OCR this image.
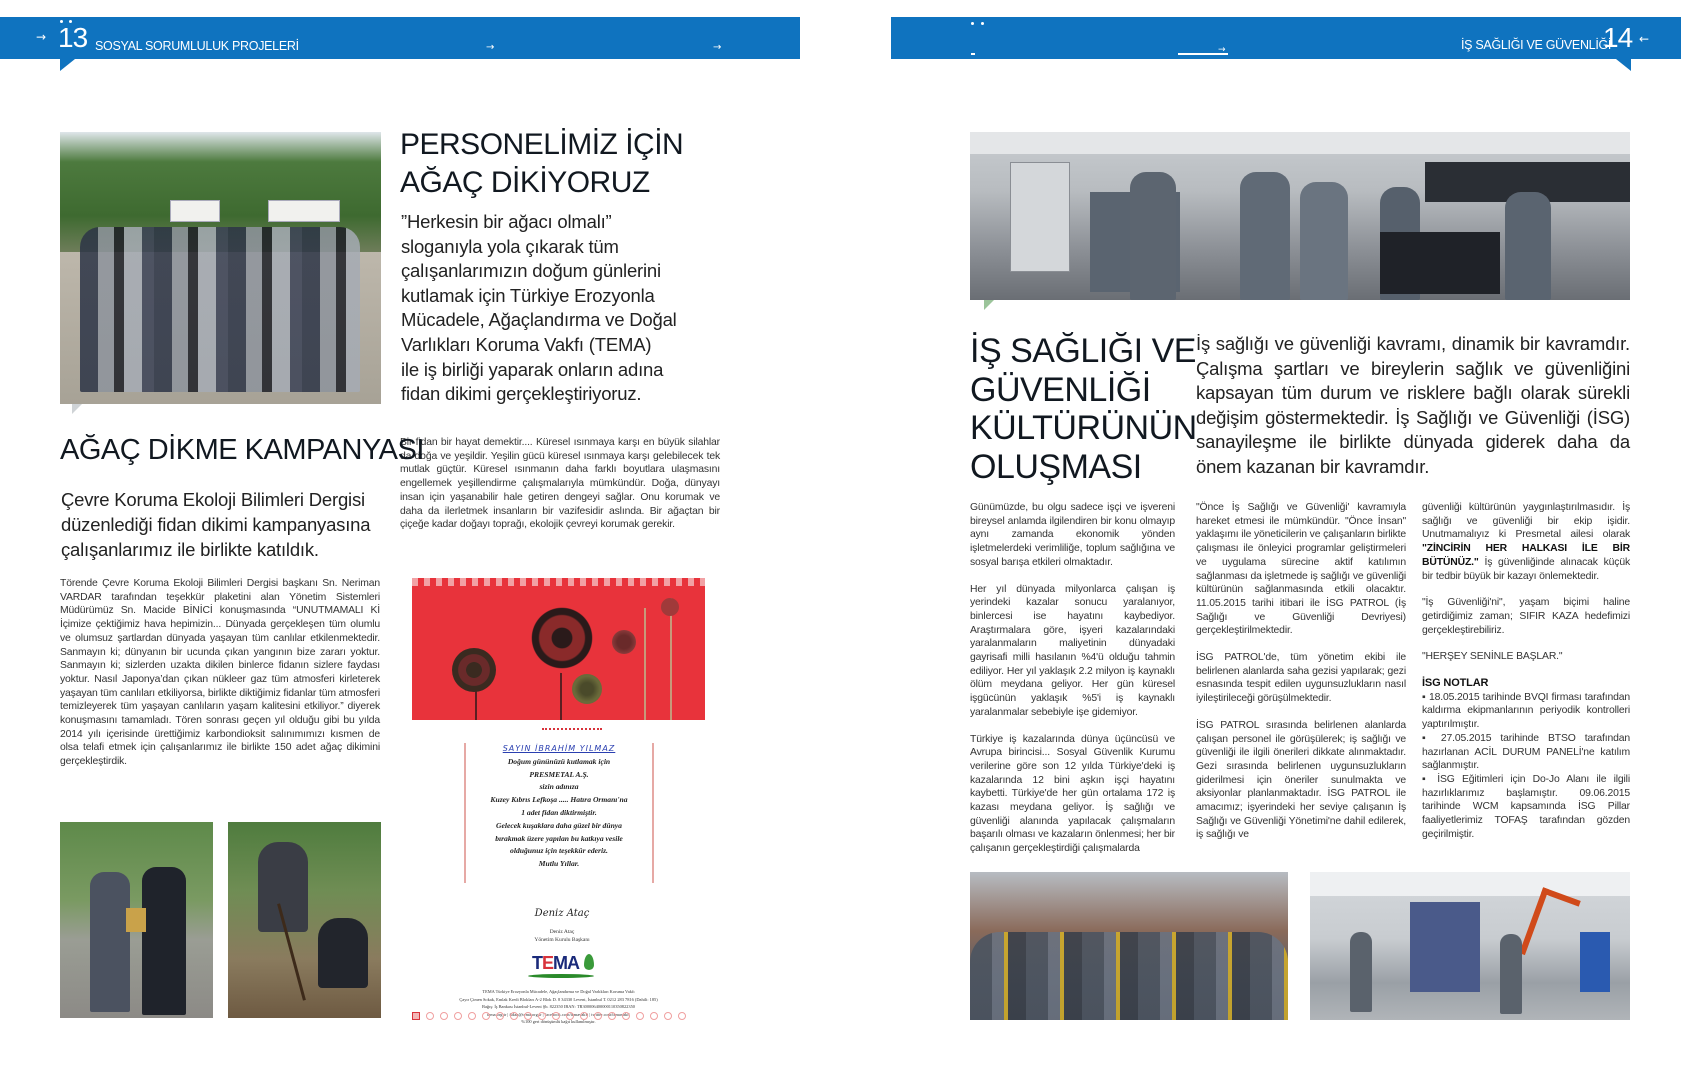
→ 13 SOSYAL SORUMLULUK PROJELERİ	→	→	→	İŞ SAĞLIĞI VE GÜVENLİĞİ
14 ←
PERSONELİMİZ İÇİN
AĞAÇ DİKİYORUZ
”Herkesin bir ağacı olmalı”
sloganıyla yola çıkarak tüm
çalışanlarımızın doğum günlerini
kutlamak için Türkiye Erozyonla
Mücadele, Ağaçlandırma ve Doğal
Varlıkları Koruma Vakfı (TEMA)
ile iş birliği yaparak onların adına
fidan dikimi gerçekleştiriyoruz.
Bir fidan bir hayat demektir.... Küresel ısınmaya karşı en büyük silahlar da doğa ve yeşildir. Yeşilin gücü küresel ısınmaya karşı gelebilecek tek mutlak güçtür. Küresel ısınmanın daha farklı boyutlara ulaşmasını engellemek yeşillendirme çalışmalarıyla mümkündür. Doğa, dünyayı insan için yaşanabilir hale getiren dengeyi sağlar. Onu korumak ve daha da ilerletmek insanların bir vazifesidir aslında. Bir ağaçtan bir çiçeğe kadar doğayı toprağı, ekolojik çevreyi korumak gerekir.
AĞAÇ DİKME KAMPANYASI
Çevre Koruma Ekoloji Bilimleri Dergisi
düzenlediği fidan dikimi kampanyasına
çalışanlarımız ile birlikte katıldık.
Törende Çevre Koruma Ekoloji Bilimleri Dergisi başkanı Sn. Neriman VARDAR tarafından teşekkür plaketini alan Yönetim Sistemleri Müdürümüz Sn. Macide BİNİCİ konuşmasında “UNUTMAMALI Kİ İçimize çektiğimiz hava hepimizin... Dünyada gerçekleşen tüm olumlu ve olumsuz şartlardan dünyada yaşayan tüm canlılar etkilenmektedir. Sanmayın ki; dünyanın bir ucunda çıkan yangının bize zararı yoktur. Sanmayın ki; sizlerden uzakta dikilen binlerce fidanın sizlere faydası yoktur. Nasıl Japonya’dan çıkan nükleer gaz tüm atmosferi kirleterek yaşayan tüm canlıları etkiliyorsa, birlikte diktiğimiz fidanlar tüm atmosferi temizleyerek tüm yaşayan canlıların yaşam kalitesini etkiliyor.” diyerek konuşmasını tamamladı. Tören sonrası geçen yıl olduğu gibi bu yılda 2014 yılı içerisinde ürettiğimiz karbondioksit salınımımızı kısmen de olsa telafi etmek için çalışanlarımız ile birlikte 150 adet ağaç dikimini gerçekleştirdik.
SAYIN İBRAHİM YILMAZ
Doğum gününüzü kutlamak için
PRESMETAL A.Ş.
sizin adınıza
Kuzey Kıbrıs Lefkoşa ..... Hatıra Ormanı'na
1 adet fidan diktirmiştir.
Gelecek kuşaklara daha güzel bir dünya
bırakmak üzere yapılan bu katkıya vesile
olduğunuz için teşekkür ederiz.
Mutlu Yıllar.
Deniz Ataç
Deniz Ataç
Yönetim Kurulu Başkanı
TEMA
TEMA Türkiye Erozyonla Mücadele, Ağaçlandırma ve Doğal Varlıkları Koruma Vakfı
Çayır Çimen Sokak, Emlak Kredi Blokları A-2 Blok D. 8 34330 Levent, İstanbul T. 0212 283 7816 (Dahili: 185)
Bağış: İş Bankası İstanbul-Levent Şb. 822350 IBAN: TR300006400000110350822350
tema.org.tr | fidan@tema.org.tr | facebook.com/temavakfi | twitter.com/temavakfi
%100 geri dönüşümlü kağıt kullanılmıştır.
İŞ SAĞLIĞI VE
GÜVENLİĞİ
KÜLTÜRÜNÜN
OLUŞMASI
İş sağlığı ve güvenliği kavramı, dinamik bir kavramdır. Çalışma şartları ve bireylerin sağlık ve güvenliğini kapsayan tüm durum ve risklere bağlı olarak sürekli değişim göstermektedir. İş Sağlığı ve Güvenliği (İSG) sanayileşme ile birlikte dünyada giderek daha da önem kazanan bir kavramdır.

Günümüzde, bu olgu sadece işçi ve işvereni bireysel anlamda ilgilendiren bir konu olmayıp aynı zamanda ekonomik yönden işletmelerdeki verimliliğe, toplum sağlığına ve sosyal barışa etkileri olmaktadır.

Her yıl dünyada milyonlarca çalışan iş yerindeki kazalar sonucu yaralanıyor, binlercesi ise hayatını kaybediyor. Araştırmalara göre, işyeri kazalarındaki yaralanmaların maliyetinin dünyadaki gayrisafi milli hasılanın %4'ü olduğu tahmin ediliyor. Her yıl yaklaşık 2.2 milyon iş kaynaklı ölüm meydana geliyor. Her gün küresel işgücünün yaklaşık %5'i iş kaynaklı yaralanmalar sebebiyle işe gidemiyor.

Türkiye iş kazalarında dünya üçüncüsü ve Avrupa birincisi... Sosyal Güvenlik Kurumu verilerine göre son 12 yılda Türkiye'deki iş kazalarında 12 bini aşkın işçi hayatını kaybetti. Türkiye'de her gün ortalama 172 iş kazası meydana geliyor. İş sağlığı ve güvenliği alanında yapılacak çalışmaların başarılı olması ve kazaların önlenmesi; her bir çalışanın gerçekleştirdiği çalışmalarda

"Önce İş Sağlığı ve Güvenliği' kavramıyla hareket etmesi ile mümkündür. "Önce İnsan" yaklaşımı ile yöneticilerin ve çalışanların birlikte çalışması ile önleyici programlar geliştirmeleri ve uygulama sürecine aktif katılımın sağlanması da işletmede iş sağlığı ve güvenliği kültürünün sağlanmasında etkili olacaktır. 11.05.2015 tarihi itibari ile İSG PATROL (İş Sağlığı ve Güvenliği Devriyesi) gerçekleştirilmektedir.

İSG PATROL'de, tüm yönetim ekibi ile belirlenen alanlarda saha gezisi yapılarak; gezi esnasında tespit edilen uygunsuzlukların nasıl iyileştirileceği görüşülmektedir.

İSG PATROL sırasında belirlenen alanlarda çalışan personel ile görüşülerek; iş sağlığı ve güvenliği ile ilgili önerileri dikkate alınmaktadır. Gezi sırasında belirlenen uygunsuzlukların giderilmesi için öneriler sunulmakta ve aksiyonlar planlanmaktadır. İSG PATROL ile amacımız; işyerindeki her seviye çalışanın İş Sağlığı ve Güvenliği Yönetimi'ne dahil edilerek, iş sağlığı ve

güvenliği kültürünün yaygınlaştırılmasıdır. İş sağlığı ve güvenliği bir ekip işidir. Unutmamalıyız ki Presmetal ailesi olarak "ZİNCİRİN HER HALKASI İLE BİR BÜTÜNÜZ." İş güvenliğinde alınacak küçük bir tedbir büyük bir kazayı önlemektedir.

"İş Güvenliği'ni", yaşam biçimi haline getirdiğimiz zaman; SIFIR KAZA hedefimizi gerçekleştirebiliriz.

"HERŞEY SENİNLE BAŞLAR."

İSG NOTLAR
▪ 18.05.2015 tarihinde BVQI firması tarafından kaldırma ekipmanlarının periyodik kontrolleri yaptırılmıştır.
▪ 27.05.2015 tarihinde BTSO tarafından hazırlanan ACİL DURUM PANELİ'ne katılım sağlanmıştır.
▪ İSG Eğitimleri için Do-Jo Alanı ile ilgili hazırlıklarımız başlamıştır. 09.06.2015 tarihinde WCM kapsamında İSG Pillar faaliyetlerimiz TOFAŞ tarafından gözden geçirilmiştir.
